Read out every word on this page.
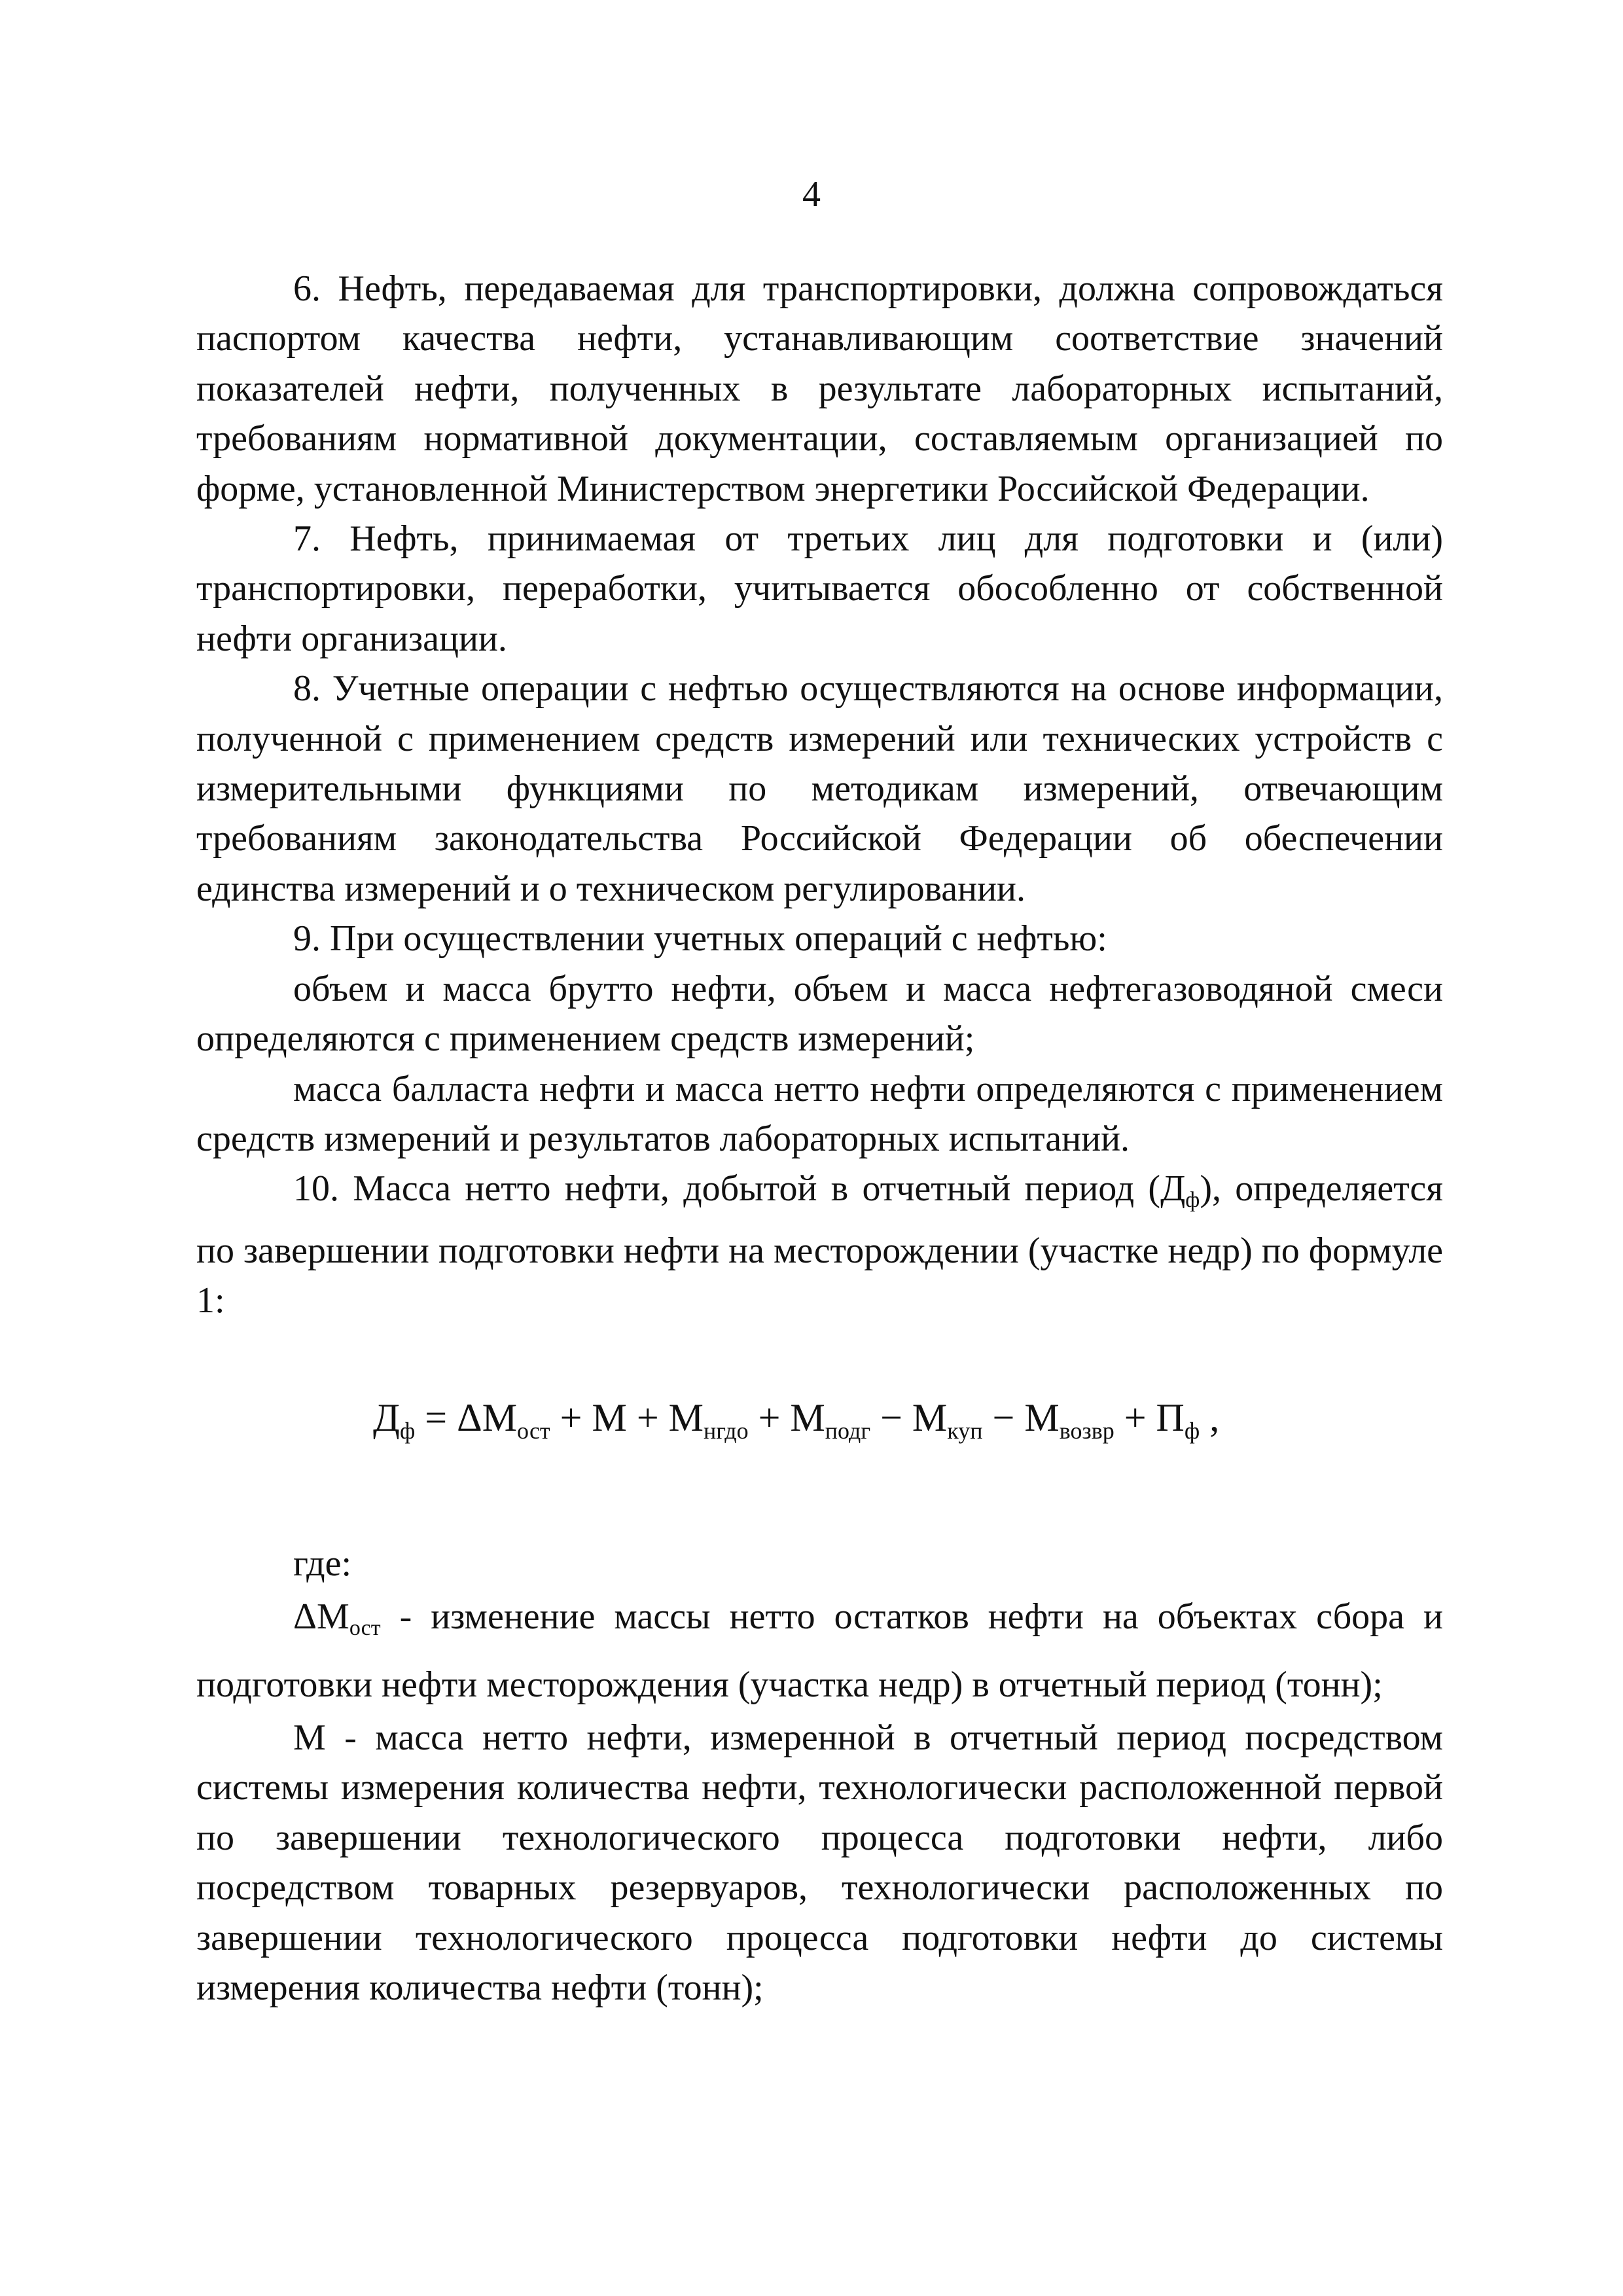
4

6. Нефть, передаваемая для транспортировки, должна сопровождаться паспортом качества нефти, устанавливающим соответствие значений показателей нефти, полученных в результате лабораторных испытаний, требованиям нормативной документации, составляемым организацией по форме, установленной Министерством энергетики Российской Федерации.

7. Нефть, принимаемая от третьих лиц для подготовки и (или) транспортировки, переработки, учитывается обособленно от собственной нефти организации.

8. Учетные операции с нефтью осуществляются на основе информации, полученной с применением средств измерений или технических устройств с измерительными функциями по методикам измерений, отвечающим требованиям законодательства Российской Федерации об обеспечении единства измерений и о техническом регулировании.

9. При осуществлении учетных операций с нефтью:

объем и масса брутто нефти, объем и масса нефтегазоводяной смеси определяются с применением средств измерений;

масса балласта нефти и масса нетто нефти определяются с применением средств измерений и результатов лабораторных испытаний.

10. Масса нетто нефти, добытой в отчетный период $(Д_ф)$, определяется по завершении подготовки нефти на месторождении (участке недр) по формуле 1:

$Д_ф = \Delta М_{ост} + М + М_{нгдо} + М_{подг} - М_{куп} - М_{возвр} + П_ф$ ,

где:

$\Delta М_{ост}$ - изменение массы нетто остатков нефти на объектах сбора и подготовки нефти месторождения (участка недр) в отчетный период (тонн);

М - масса нетто нефти, измеренной в отчетный период посредством системы измерения количества нефти, технологически расположенной первой по завершении технологического процесса подготовки нефти, либо посредством товарных резервуаров, технологически расположенных по завершении технологического процесса подготовки нефти до системы измерения количества нефти (тонн);
